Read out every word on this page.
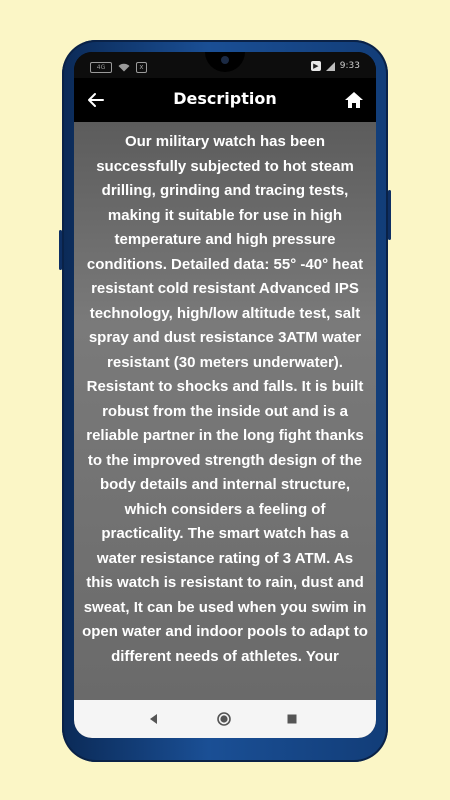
4G	x	▶ 9:33
Description

Our military watch has been successfully subjected to hot steam drilling, grinding and tracing tests, making it suitable for use in high temperature and high pressure conditions. Detailed data: 55° -40° heat resistant cold resistant Advanced IPS technology, high/low altitude test, salt spray and dust resistance 3ATM water resistant (30 meters underwater). Resistant to shocks and falls. It is built robust from the inside out and is a reliable partner in the long fight thanks to the improved strength design of the body details and internal structure, which considers a feeling of practicality. The smart watch has a water resistance rating of 3 ATM. As this watch is resistant to rain, dust and sweat, It can be used when you swim in open water and indoor pools to adapt to different needs of athletes. Your
